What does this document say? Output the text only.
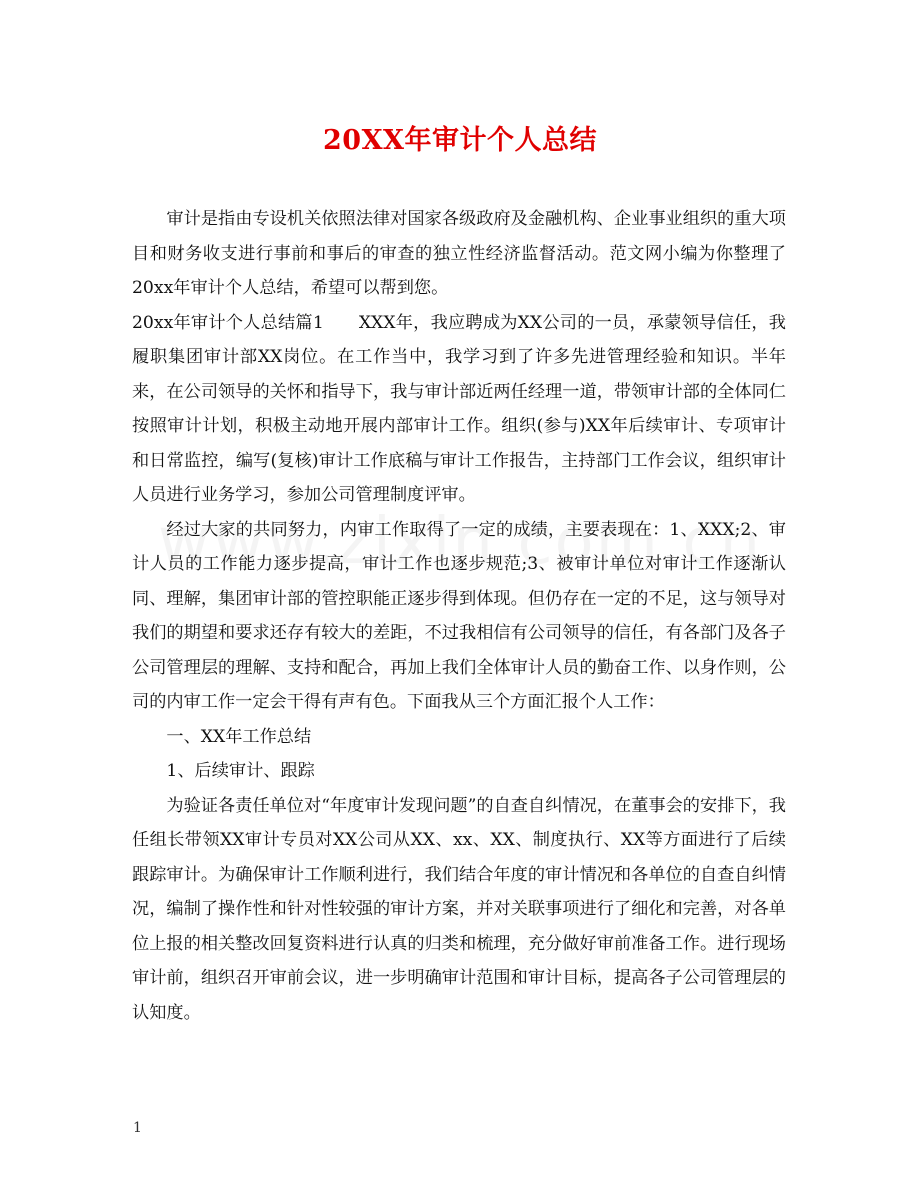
20XX年审计个人总结

审计是指由专设机关依照法律对国家各级政府及金融机构、企业事业组织的重大项目和财务收支进行事前和事后的审查的独立性经济监督活动。范文网小编为你整理了20xx年审计个人总结，希望可以帮到您。

20xx年审计个人总结篇1　　XXX年，我应聘成为XX公司的一员，承蒙领导信任，我履职集团审计部XX岗位。在工作当中，我学习到了许多先进管理经验和知识。半年来，在公司领导的关怀和指导下，我与审计部近两任经理一道，带领审计部的全体同仁按照审计计划，积极主动地开展内部审计工作。组织(参与)XX年后续审计、专项审计和日常监控，编写(复核)审计工作底稿与审计工作报告，主持部门工作会议，组织审计人员进行业务学习，参加公司管理制度评审。

经过大家的共同努力，内审工作取得了一定的成绩，主要表现在：1、XXX;2、审计人员的工作能力逐步提高，审计工作也逐步规范;3、被审计单位对审计工作逐渐认同、理解，集团审计部的管控职能正逐步得到体现。但仍存在一定的不足，这与领导对我们的期望和要求还存有较大的差距，不过我相信有公司领导的信任，有各部门及各子公司管理层的理解、支持和配合，再加上我们全体审计人员的勤奋工作、以身作则，公司的内审工作一定会干得有声有色。下面我从三个方面汇报个人工作：

一、XX年工作总结

1、后续审计、跟踪

为验证各责任单位对“年度审计发现问题”的自查自纠情况，在董事会的安排下，我任组长带领XX审计专员对XX公司从XX、xx、XX、制度执行、XX等方面进行了后续跟踪审计。为确保审计工作顺利进行，我们结合年度的审计情况和各单位的自查自纠情况，编制了操作性和针对性较强的审计方案，并对关联事项进行了细化和完善，对各单位上报的相关整改回复资料进行认真的归类和梳理，充分做好审前准备工作。进行现场审计前，组织召开审前会议，进一步明确审计范围和审计目标，提高各子公司管理层的认知度。

1
